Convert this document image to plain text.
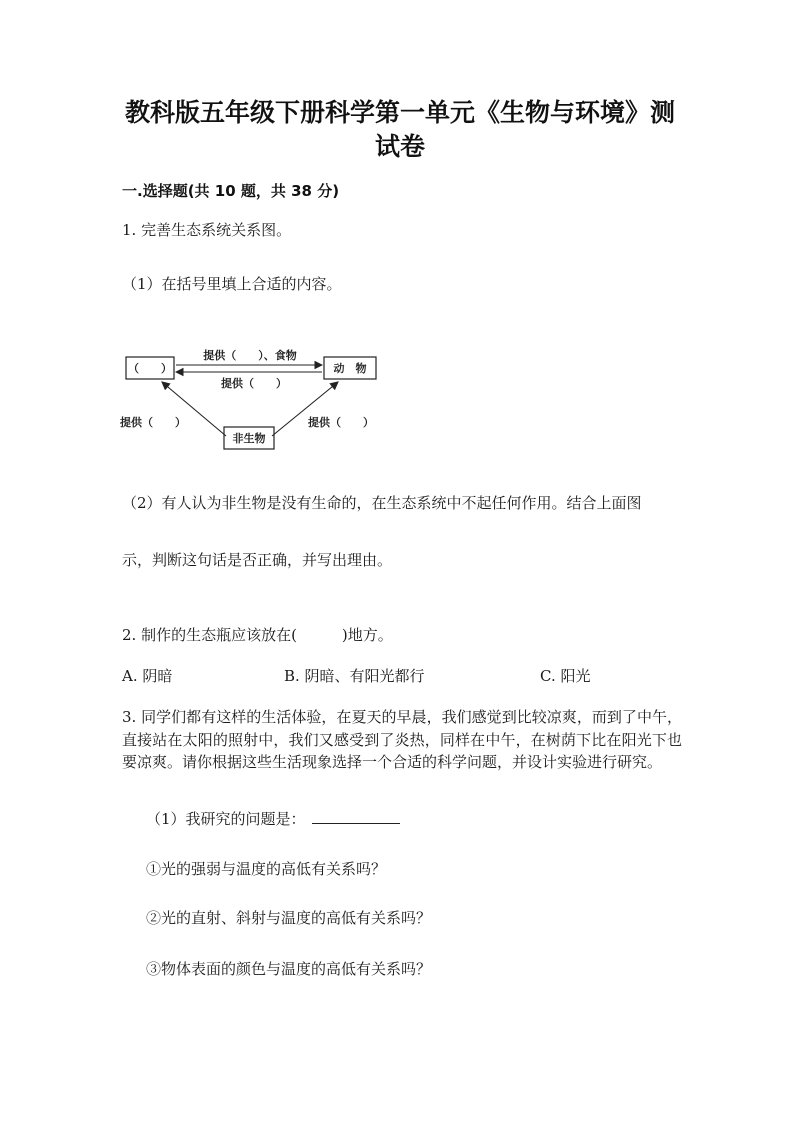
教科版五年级下册科学第一单元《生物与环境》测
试卷
一.选择题(共 10 题，共 38 分)
1. 完善生态系统关系图。
（1）在括号里填上合适的内容。
（　　）	动　物
非生物
提供（　　）、食物
提供（　　）
提供（　　）	提供（　　）
（2）有人认为非生物是没有生命的，在生态系统中不起任何作用。结合上面图
示，判断这句话是否正确，并写出理由。
2. 制作的生态瓶应该放在(　　　)地方。
A. 阴暗	B. 阴暗、有阳光都行	C. 阳光
3. 同学们都有这样的生活体验，在夏天的早晨，我们感觉到比较凉爽，而到了中午，直接站在太阳的照射中，我们又感受到了炎热，同样在中午，在树荫下比在阳光下也要凉爽。请你根据这些生活现象选择一个合适的科学问题，并设计实验进行研究。
（1）我研究的问题是：
①光的强弱与温度的高低有关系吗？
②光的直射、斜射与温度的高低有关系吗？
③物体表面的颜色与温度的高低有关系吗？
